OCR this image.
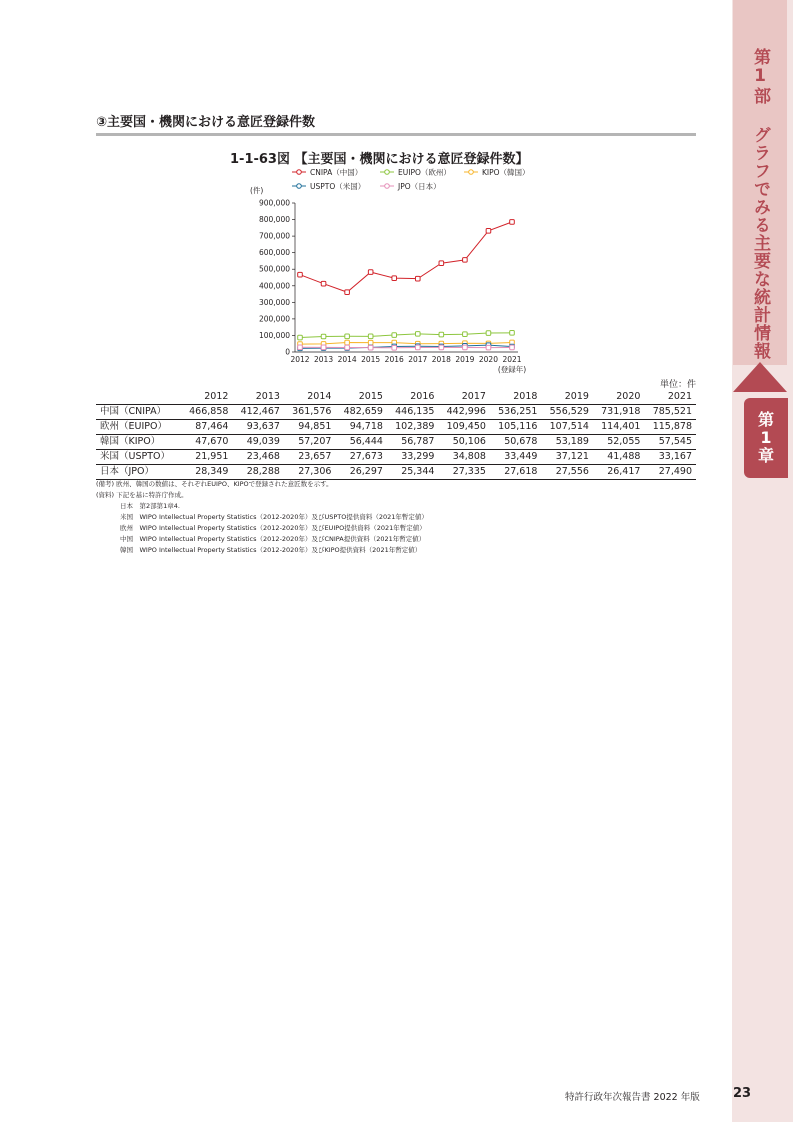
第1部 グラフでみる主要な統計情報
第
1
章
③主要国・機関における意匠登録件数
1-1-63図 【主要国・機関における意匠登録件数】
CNIPA（中国）	EUIPO（欧州）	KIPO（韓国）
USPTO（米国）	JPO（日本）
(件)
0
100,000
200,000
300,000
400,000
500,000
600,000
700,000
800,000
900,000
2012 2013 2014 2015 2016 2017 2018 2019 2020 2021
(登録年)
単位：件
	2012	2013	2014	2015	2016	2017	2018	2019	2020	2021
中国（CNIPA）	466,858	412,467	361,576	482,659	446,135	442,996	536,251	556,529	731,918	785,521
欧州（EUIPO）	87,464	93,637	94,851	94,718	102,389	109,450	105,116	107,514	114,401	115,878
韓国（KIPO）	47,670	49,039	57,207	56,444	56,787	50,106	50,678	53,189	52,055	57,545
米国（USPTO）	21,951	23,468	23,657	27,673	33,299	34,808	33,449	37,121	41,488	33,167
日本（JPO）	28,349	28,288	27,306	26,297	25,344	27,335	27,618	27,556	26,417	27,490
(備考) 欧州、韓国の数値は、それぞれEUIPO、KIPOで登録された意匠数を示す。
(資料) 下記を基に特許庁作成。
日本　第2部第1章4.
米国　WIPO Intellectual Property Statistics（2012-2020年）及びUSPTO提供資料（2021年暫定値）
欧州　WIPO Intellectual Property Statistics（2012-2020年）及びEUIPO提供資料（2021年暫定値）
中国　WIPO Intellectual Property Statistics（2012-2020年）及びCNIPA提供資料（2021年暫定値）
韓国　WIPO Intellectual Property Statistics（2012-2020年）及びKIPO提供資料（2021年暫定値）
特許行政年次報告書 2022 年版	23
